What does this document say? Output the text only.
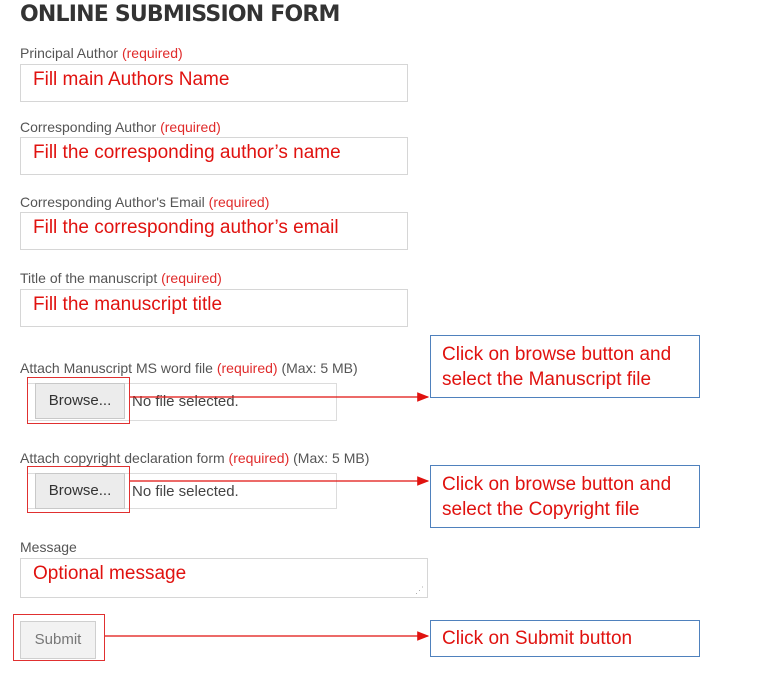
ONLINE SUBMISSION FORM
Principal Author (required)
Fill main Authors Name
Corresponding Author (required)
Fill the corresponding author’s name
Corresponding Author's Email (required)
Fill the corresponding author’s email
Title of the manuscript (required)
Fill the manuscript title
Attach Manuscript MS word file (required) (Max: 5 MB)
Browse...	No file selected.
Click on browse button and select the Manuscript file
Attach copyright declaration form (required) (Max: 5 MB)
Browse...	No file selected.	Click on browse button and select the Copyright file
Message
Optional message
⋰
Submit	Click on Submit button
